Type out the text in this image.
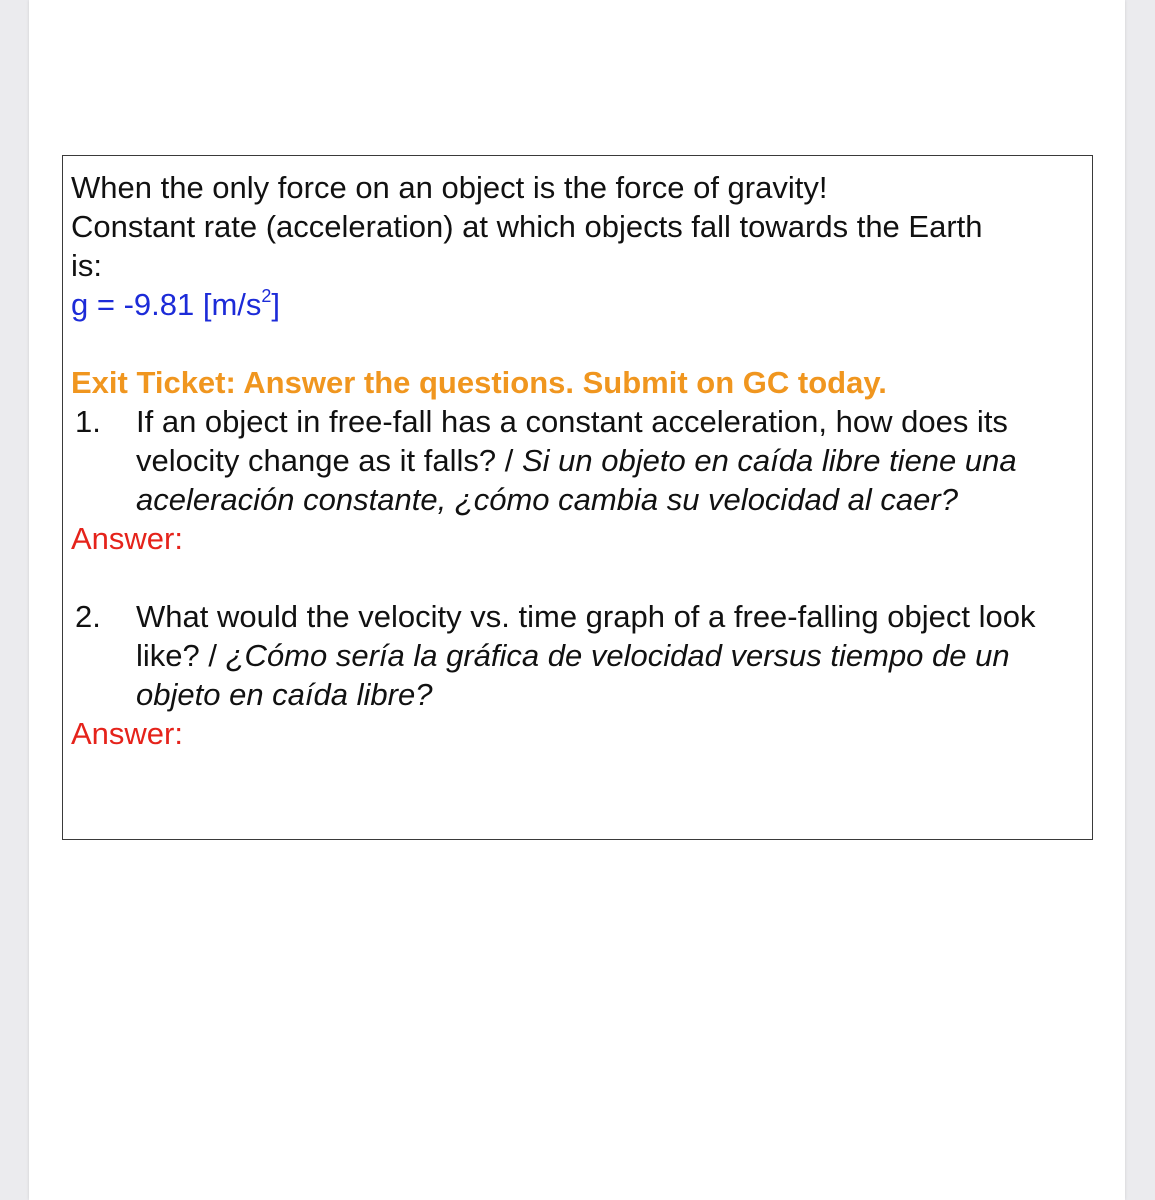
When the only force on an object is the force of gravity!
Constant rate (acceleration) at which objects fall towards the Earth
is:
g = -9.81 $[m/s^2]$
Exit Ticket: Answer the questions. Submit on GC today.
1. If an object in free-fall has a constant acceleration, how does its velocity change as it falls? / Si un objeto en caída libre tiene una aceleración constante, ¿cómo cambia su velocidad al caer?
Answer:
2. What would the velocity vs. time graph of a free-falling object look like? / ¿Cómo sería la gráfica de velocidad versus tiempo de un objeto en caída libre?
Answer:
